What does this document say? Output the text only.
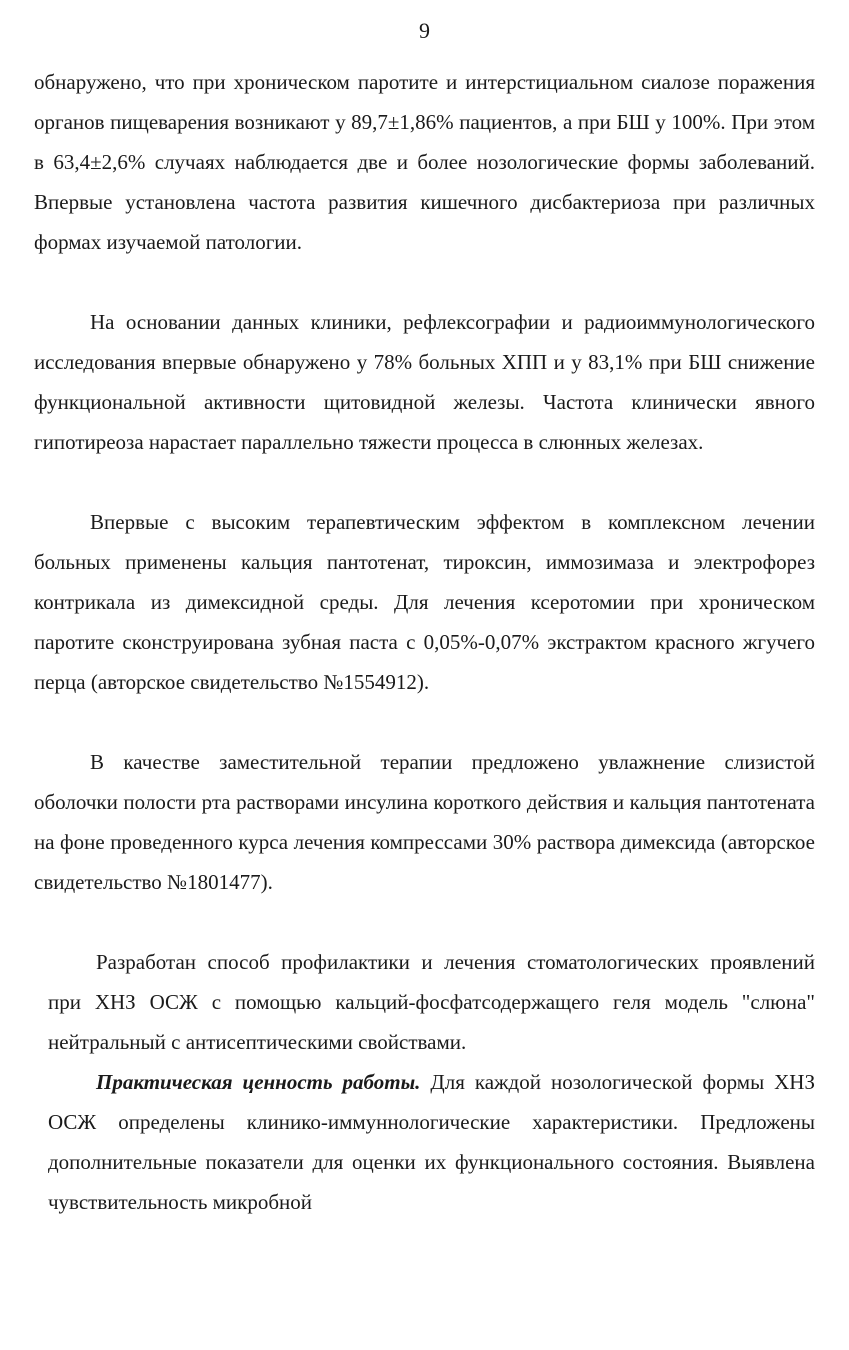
9

обнаружено, что при хроническом паротите и интерстициальном сиалозе поражения органов пищеварения возникают у 89,7±1,86% пациентов, а при БШ у 100%. При этом в 63,4±2,6% случаях наблюдается две и более нозологические формы заболеваний. Впервые установлена частота развития кишечного дисбактериоза при различных формах изучаемой патологии.

На основании данных клиники, рефлексографии и радиоиммунологического исследования впервые обнаружено у 78% больных ХПП и у 83,1% при БШ снижение функциональной активности щитовидной железы. Частота клинически явного гипотиреоза нарастает параллельно тяжести процесса в слюнных железах.

Впервые с высоким терапевтическим эффектом в комплексном лечении больных применены кальция пантотенат, тироксин, иммозимаза и электрофорез контрикала из димексидной среды. Для лечения ксеротомии при хроническом паротите сконструирована зубная паста с 0,05%-0,07% экстрактом красного жгучего перца (авторское свидетельство №1554912).

В качестве заместительной терапии предложено увлажнение слизистой оболочки полости рта растворами инсулина короткого действия и кальция пантотената на фоне проведенного курса лечения компрессами 30% раствора димексида (авторское свидетельство №1801477).

Разработан способ профилактики и лечения стоматологических проявлений при ХНЗ ОСЖ с помощью кальций-фосфатсодержащего геля модель "слюна" нейтральный с антисептическими свойствами.

Практическая ценность работы. Для каждой нозологической формы ХНЗ ОСЖ определены клинико-иммуннологические характеристики. Предложены дополнительные показатели для оценки их функционального состояния. Выявлена чувствительность микробной
